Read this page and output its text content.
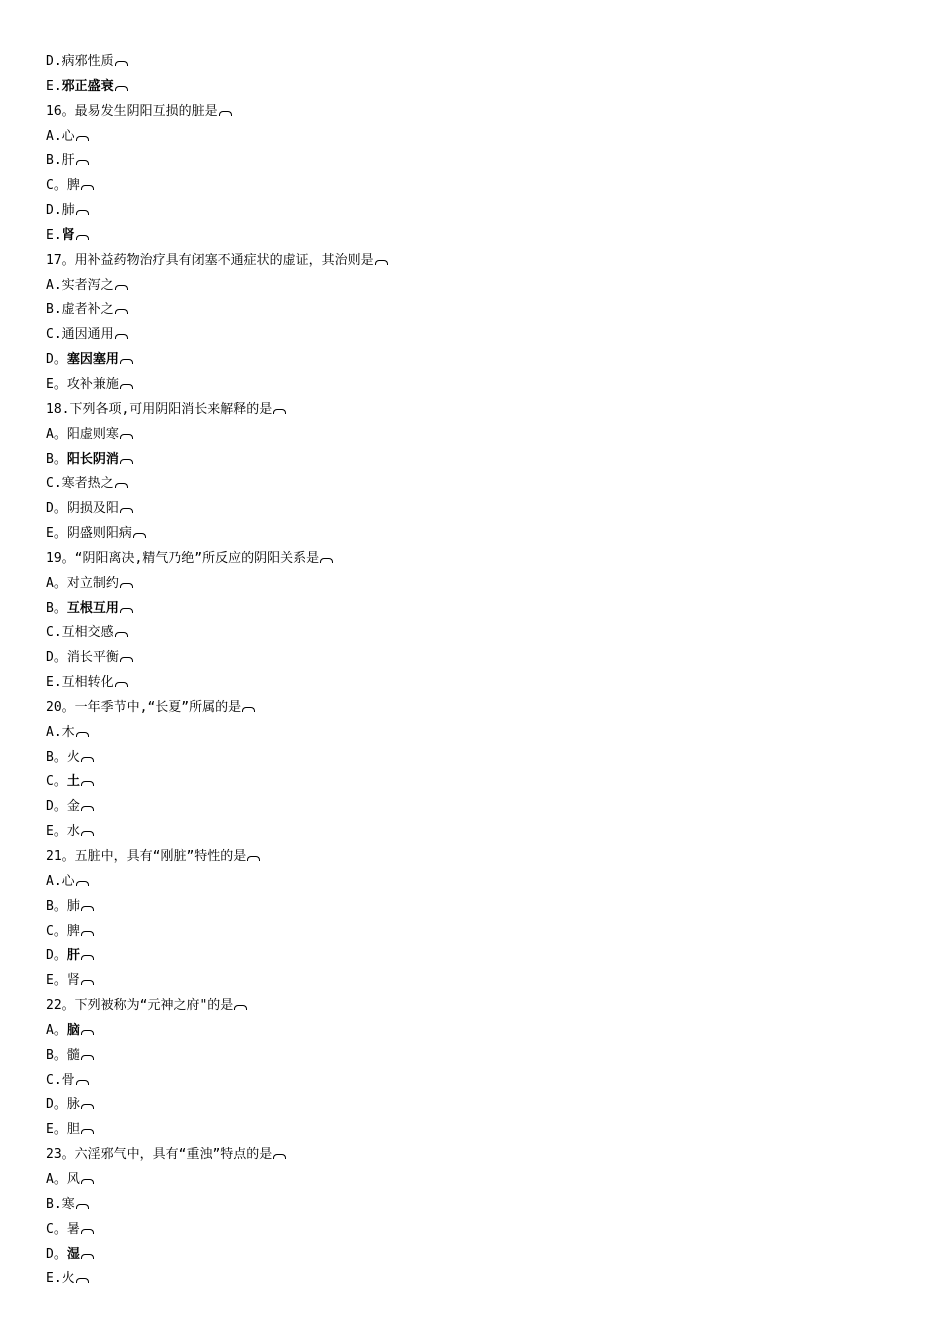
D.病邪性质
E.邪正盛衰
16。最易发生阴阳互损的脏是
A.心
B.肝
C。脾
D.肺
E.肾
17。用补益药物治疗具有闭塞不通症状的虚证，其治则是
A.实者泻之
B.虚者补之
C.通因通用
D。塞因塞用
E。攻补兼施
18.下列各项,可用阴阳消长来解释的是
A。阳虚则寒
B。阳长阴消
C.寒者热之
D。阴损及阳
E。阴盛则阳病
19。“阴阳离决,精气乃绝”所反应的阴阳关系是
A。对立制约
B。互根互用
C.互相交感
D。消长平衡
E.互相转化
20。一年季节中,“长夏”所属的是
A.木
B。火
C。土
D。金
E。水
21。五脏中，具有“刚脏”特性的是
A.心
B。肺
C。脾
D。肝
E。肾
22。下列被称为“元神之府"的是
A。脑
B。髓
C.骨
D。脉
E。胆
23。六淫邪气中，具有“重浊”特点的是
A。风
B.寒
C。暑
D。湿
E.火
